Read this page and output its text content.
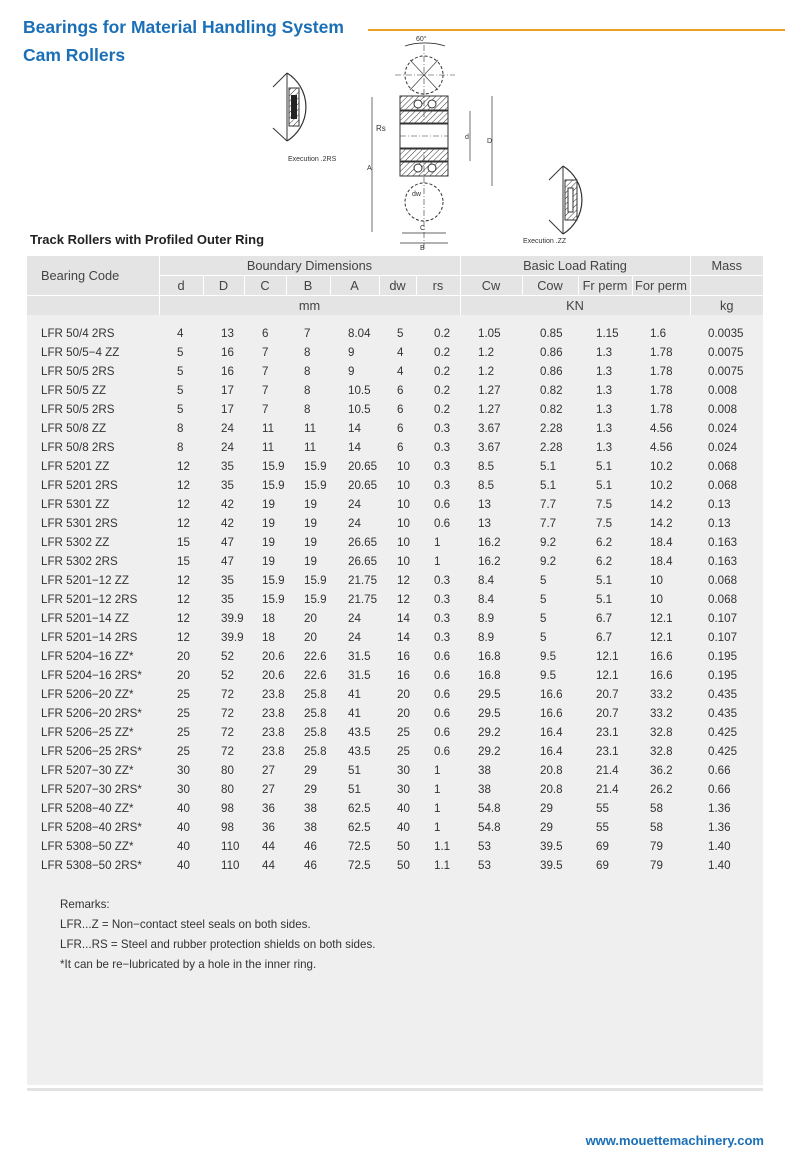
Bearings for Material Handling System
Cam Rollers
Execution .2RS
60°
dw
Rs
A
d
D
C
B
Execution .ZZ
Track Rollers with Profiled Outer Ring
Bearing Code	Boundary Dimensions							Basic Load Rating				Mass
	d	D	C	B	A	dw	rs	Cw	Cow	Fr perm	For perm	
	mm							KN				kg

LFR 50/4 2RS	4	13	6	7	8.04	5	0.2	1.05	0.85	1.15	1.6	0.0035
LFR 50/5−4 ZZ	5	16	7	8	9	4	0.2	1.2	0.86	1.3	1.78	0.0075
LFR 50/5 2RS	5	16	7	8	9	4	0.2	1.2	0.86	1.3	1.78	0.0075
LFR 50/5 ZZ	5	17	7	8	10.5	6	0.2	1.27	0.82	1.3	1.78	0.008
LFR 50/5 2RS	5	17	7	8	10.5	6	0.2	1.27	0.82	1.3	1.78	0.008
LFR 50/8 ZZ	8	24	11	11	14	6	0.3	3.67	2.28	1.3	4.56	0.024
LFR 50/8 2RS	8	24	11	11	14	6	0.3	3.67	2.28	1.3	4.56	0.024
LFR 5201 ZZ	12	35	15.9	15.9	20.65	10	0.3	8.5	5.1	5.1	10.2	0.068
LFR 5201 2RS	12	35	15.9	15.9	20.65	10	0.3	8.5	5.1	5.1	10.2	0.068
LFR 5301 ZZ	12	42	19	19	24	10	0.6	13	7.7	7.5	14.2	0.13
LFR 5301 2RS	12	42	19	19	24	10	0.6	13	7.7	7.5	14.2	0.13
LFR 5302 ZZ	15	47	19	19	26.65	10	1	16.2	9.2	6.2	18.4	0.163
LFR 5302 2RS	15	47	19	19	26.65	10	1	16.2	9.2	6.2	18.4	0.163
LFR 5201−12 ZZ	12	35	15.9	15.9	21.75	12	0.3	8.4	5	5.1	10	0.068
LFR 5201−12 2RS	12	35	15.9	15.9	21.75	12	0.3	8.4	5	5.1	10	0.068
LFR 5201−14 ZZ	12	39.9	18	20	24	14	0.3	8.9	5	6.7	12.1	0.107
LFR 5201−14 2RS	12	39.9	18	20	24	14	0.3	8.9	5	6.7	12.1	0.107
LFR 5204−16 ZZ*	20	52	20.6	22.6	31.5	16	0.6	16.8	9.5	12.1	16.6	0.195
LFR 5204−16 2RS*	20	52	20.6	22.6	31.5	16	0.6	16.8	9.5	12.1	16.6	0.195
LFR 5206−20 ZZ*	25	72	23.8	25.8	41	20	0.6	29.5	16.6	20.7	33.2	0.435
LFR 5206−20 2RS*	25	72	23.8	25.8	41	20	0.6	29.5	16.6	20.7	33.2	0.435
LFR 5206−25 ZZ*	25	72	23.8	25.8	43.5	25	0.6	29.2	16.4	23.1	32.8	0.425
LFR 5206−25 2RS*	25	72	23.8	25.8	43.5	25	0.6	29.2	16.4	23.1	32.8	0.425
LFR 5207−30 ZZ*	30	80	27	29	51	30	1	38	20.8	21.4	36.2	0.66
LFR 5207−30 2RS*	30	80	27	29	51	30	1	38	20.8	21.4	26.2	0.66
LFR 5208−40 ZZ*	40	98	36	38	62.5	40	1	54.8	29	55	58	1.36
LFR 5208−40 2RS*	40	98	36	38	62.5	40	1	54.8	29	55	58	1.36
LFR 5308−50 ZZ*	40	110	44	46	72.5	50	1.1	53	39.5	69	79	1.40
LFR 5308−50 2RS*	40	110	44	46	72.5	50	1.1	53	39.5	69	79	1.40
Remarks:
LFR...Z = Non−contact steel seals on both sides.
LFR...RS = Steel and rubber protection shields on both sides.
*It can be re−lubricated by a hole in the inner ring.
www.mouettemachinery.com
